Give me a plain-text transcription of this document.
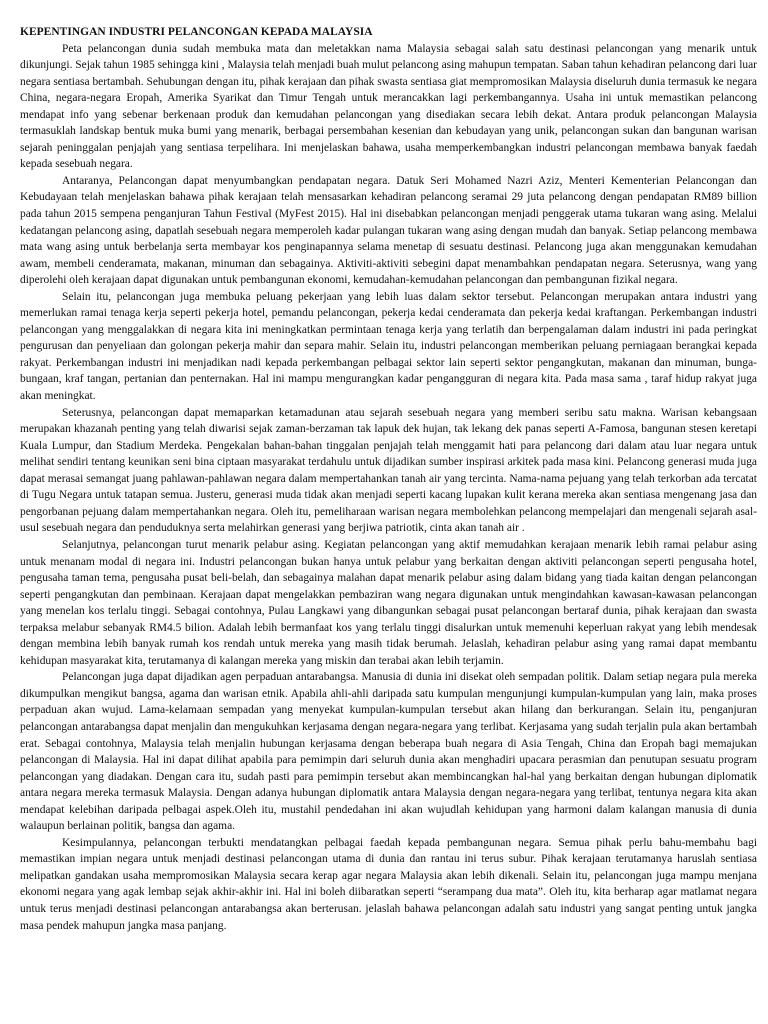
KEPENTINGAN INDUSTRI PELANCONGAN KEPADA MALAYSIA

Peta pelancongan dunia sudah membuka mata dan meletakkan nama Malaysia sebagai salah satu destinasi pelancongan yang menarik untuk dikunjungi. Sejak tahun 1985 sehingga kini , Malaysia telah menjadi buah mulut pelancong asing mahupun tempatan. Saban tahun kehadiran pelancong dari luar negara sentiasa bertambah. Sehubungan dengan itu, pihak kerajaan dan pihak swasta sentiasa giat mempromosikan Malaysia diseluruh dunia termasuk ke negara China, negara-negara Eropah, Amerika Syarikat dan Timur Tengah untuk merancakkan lagi perkembangannya. Usaha ini untuk memastikan pelancong mendapat info yang sebenar berkenaan produk dan kemudahan pelancongan yang disediakan secara lebih dekat. Antara produk pelancongan Malaysia termasuklah landskap bentuk muka bumi yang menarik, berbagai persembahan kesenian dan kebudayan yang unik, pelancongan sukan dan bangunan warisan sejarah peninggalan penjajah yang sentiasa terpelihara. Ini menjelaskan bahawa, usaha memperkembangkan industri pelancongan membawa banyak faedah kepada sesebuah negara.

Antaranya, Pelancongan dapat menyumbangkan pendapatan negara. Datuk Seri Mohamed Nazri Aziz, Menteri Kementerian Pelancongan dan Kebudayaan telah menjelaskan bahawa pihak kerajaan telah mensasarkan kehadiran pelancong seramai 29 juta pelancong dengan pendapatan RM89 billion pada tahun 2015 sempena penganjuran Tahun Festival (MyFest 2015). Hal ini disebabkan pelancongan menjadi penggerak utama tukaran wang asing. Melalui kedatangan pelancong asing, dapatlah sesebuah negara memperoleh kadar pulangan tukaran wang asing dengan mudah dan banyak. Setiap pelancong membawa mata wang asing untuk berbelanja serta membayar kos penginapannya selama menetap di sesuatu destinasi. Pelancong juga akan menggunakan kemudahan awam, membeli cenderamata, makanan, minuman dan sebagainya. Aktiviti-aktiviti sebegini dapat menambahkan pendapatan negara. Seterusnya, wang yang diperolehi oleh kerajaan dapat digunakan untuk pembangunan ekonomi, kemudahan-kemudahan pelancongan dan pembangunan fizikal negara.

Selain itu, pelancongan juga membuka peluang pekerjaan yang lebih luas dalam sektor tersebut. Pelancongan merupakan antara industri yang memerlukan ramai tenaga kerja seperti pekerja hotel, pemandu pelancongan, pekerja kedai cenderamata dan pekerja kedai kraftangan. Perkembangan industri pelancongan yang menggalakkan di negara kita ini meningkatkan permintaan tenaga kerja yang terlatih dan berpengalaman dalam industri ini pada peringkat pengurusan dan penyeliaan dan golongan pekerja mahir dan separa mahir. Selain itu, industri pelancongan memberikan peluang perniagaan berangkai kepada rakyat. Perkembangan industri ini menjadikan nadi kepada perkembangan pelbagai sektor lain seperti sektor pengangkutan, makanan dan minuman, bunga-bungaan, kraf tangan, pertanian dan penternakan. Hal ini mampu mengurangkan kadar pengangguran di negara kita. Pada masa sama , taraf hidup rakyat juga akan meningkat.

Seterusnya, pelancongan dapat memaparkan ketamadunan atau sejarah sesebuah negara yang memberi seribu satu makna. Warisan kebangsaan merupakan khazanah penting yang telah diwarisi sejak zaman-berzaman tak lapuk dek hujan, tak lekang dek panas seperti A-Famosa, bangunan stesen keretapi Kuala Lumpur, dan Stadium Merdeka. Pengekalan bahan-bahan tinggalan penjajah telah menggamit hati para pelancong dari dalam atau luar negara untuk melihat sendiri tentang keunikan seni bina ciptaan masyarakat terdahulu untuk dijadikan sumber inspirasi arkitek pada masa kini. Pelancong generasi muda juga dapat merasai semangat juang pahlawan-pahlawan negara dalam mempertahankan tanah air yang tercinta. Nama-nama pejuang yang telah terkorban ada tercatat di Tugu Negara untuk tatapan semua. Justeru, generasi muda tidak akan menjadi seperti kacang lupakan kulit kerana mereka akan sentiasa mengenang jasa dan pengorbanan pejuang dalam mempertahankan negara. Oleh itu, pemeliharaan warisan negara membolehkan pelancong mempelajari dan mengenali sejarah asal-usul sesebuah negara dan penduduknya serta melahirkan generasi yang berjiwa patriotik, cinta akan tanah air .

Selanjutnya, pelancongan turut menarik pelabur asing. Kegiatan pelancongan yang aktif memudahkan kerajaan menarik lebih ramai pelabur asing untuk menanam modal di negara ini. Industri pelancongan bukan hanya untuk pelabur yang berkaitan dengan aktiviti pelancongan seperti pengusaha hotel, pengusaha taman tema, pengusaha pusat beli-belah, dan sebagainya malahan dapat menarik pelabur asing dalam bidang yang tiada kaitan dengan pelancongan seperti pengangkutan dan pembinaan. Kerajaan dapat mengelakkan pembaziran wang negara digunakan untuk mengindahkan kawasan-kawasan pelancongan yang menelan kos terlalu tinggi. Sebagai contohnya, Pulau Langkawi yang dibangunkan sebagai pusat pelancongan bertaraf dunia, pihak kerajaan dan swasta terpaksa melabur sebanyak RM4.5 bilion. Adalah lebih bermanfaat kos yang terlalu tinggi disalurkan untuk memenuhi keperluan rakyat yang lebih mendesak dengan membina lebih banyak rumah kos rendah untuk mereka yang masih tidak berumah. Jelaslah, kehadiran pelabur asing yang ramai dapat membantu kehidupan masyarakat kita, terutamanya di kalangan mereka yang miskin dan terabai akan lebih terjamin.

Pelancongan juga dapat dijadikan agen perpaduan antarabangsa. Manusia di dunia ini disekat oleh sempadan politik. Dalam setiap negara pula mereka dikumpulkan mengikut bangsa, agama dan warisan etnik. Apabila ahli-ahli daripada satu kumpulan mengunjungi kumpulan-kumpulan yang lain, maka proses perpaduan akan wujud. Lama-kelamaan sempadan yang menyekat kumpulan-kumpulan tersebut akan hilang dan berkurangan. Selain itu, penganjuran pelancongan antarabangsa dapat menjalin dan mengukuhkan kerjasama dengan negara-negara yang terlibat. Kerjasama yang sudah terjalin pula akan bertambah erat. Sebagai contohnya, Malaysia telah menjalin hubungan kerjasama dengan beberapa buah negara di Asia Tengah, China dan Eropah bagi memajukan pelancongan di Malaysia. Hal ini dapat dilihat apabila para pemimpin dari seluruh dunia akan menghadiri upacara perasmian dan penutupan sesuatu program pelancongan yang diadakan. Dengan cara itu, sudah pasti para pemimpin tersebut akan membincangkan hal-hal yang berkaitan dengan hubungan diplomatik antara negara mereka termasuk Malaysia. Dengan adanya hubungan diplomatik antara Malaysia dengan negara-negara yang terlibat, tentunya negara kita akan mendapat kelebihan daripada pelbagai aspek.Oleh itu, mustahil pendedahan ini akan wujudlah kehidupan yang harmoni dalam kalangan manusia di dunia walaupun berlainan politik, bangsa dan agama.

Kesimpulannya, pelancongan terbukti mendatangkan pelbagai faedah kepada pembangunan negara. Semua pihak perlu bahu-membahu bagi memastikan impian negara untuk menjadi destinasi pelancongan utama di dunia dan rantau ini terus subur. Pihak kerajaan terutamanya haruslah sentiasa melipatkan gandakan usaha mempromosikan Malaysia secara kerap agar negara Malaysia akan lebih dikenali. Selain itu, pelancongan juga mampu menjana ekonomi negara yang agak lembap sejak akhir-akhir ini. Hal ini boleh diibaratkan seperti “serampang dua mata”. Oleh itu, kita berharap agar matlamat negara untuk terus menjadi destinasi pelancongan antarabangsa akan berterusan. jelaslah bahawa pelancongan adalah satu industri yang sangat penting untuk jangka masa pendek mahupun jangka masa panjang.
